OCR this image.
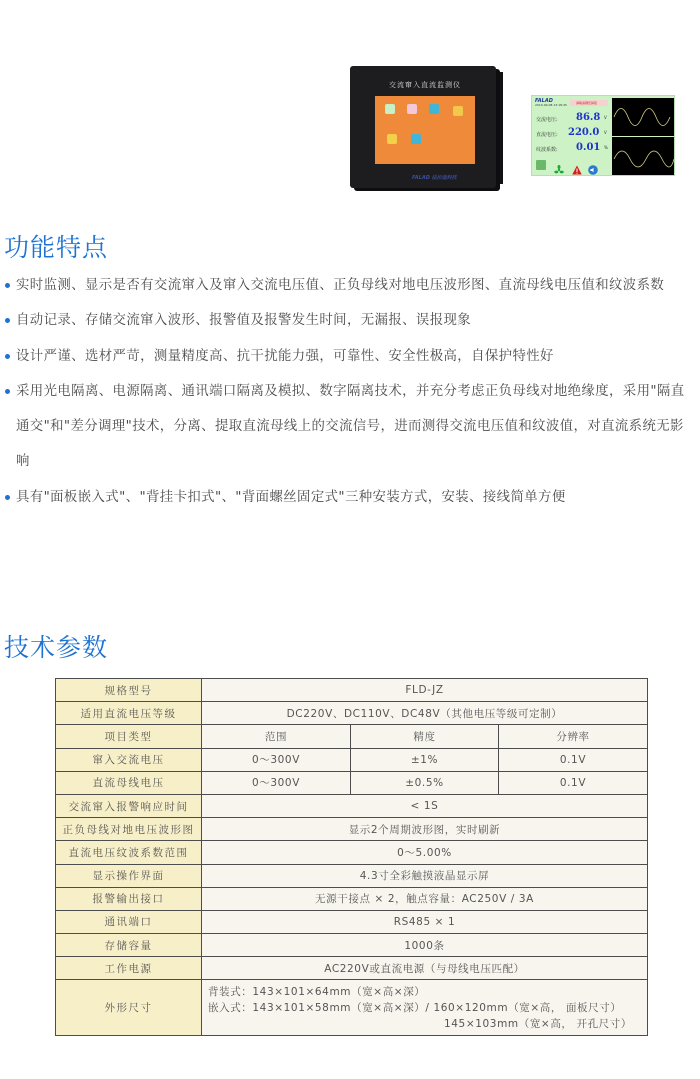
交流窜入直流监测仪
FALAD 法拉迪科技
FALAD
2019-09-08 13:18:45	请取消键空间报
交流电压: 86.8 V
直流电压: 220.0 V
纹波系数: 0.01 %
功能特点
实时监测、显示是否有交流窜入及窜入交流电压值、正负母线对地电压波形图、直流母线电压值和纹波系数
自动记录、存储交流窜入波形、报警值及报警发生时间，无漏报、误报现象
设计严谨、选材严苛，测量精度高、抗干扰能力强，可靠性、安全性极高，自保护特性好
采用光电隔离、电源隔离、通讯端口隔离及模拟、数字隔离技术，并充分考虑正负母线对地绝缘度，采用"隔直通交"和"差分调理"技术，分离、提取直流母线上的交流信号，进而测得交流电压值和纹波值，对直流系统无影响
具有"面板嵌入式"、"背挂卡扣式"、"背面螺丝固定式"三种安装方式，安装、接线简单方便
技术参数
规格型号	FLD-JZ		
适用直流电压等级	DC220V、DC110V、DC48V（其他电压等级可定制）		
项目类型	范围	精度	分辨率
窜入交流电压	0～300V	±1%	0.1V
直流母线电压	0～300V	±0.5%	0.1V
交流窜入报警响应时间	< 1S		
正负母线对地电压波形图	显示2个周期波形图，实时刷新		
直流电压纹波系数范围	0～5.00%		
显示操作界面	4.3寸全彩触摸液晶显示屏		
报警输出接口	无源干接点 × 2，触点容量：AC250V / 3A		
通讯端口	RS485 × 1		
存储容量	1000条		
工作电源	AC220V或直流电源（与母线电压匹配）		
外形尺寸	背装式：143×101×64mm（宽×高×深）
嵌入式：143×101×58mm（宽×高×深）/ 160×120mm（宽×高， 面板尺寸）
145×103mm（宽×高， 开孔尺寸）		
